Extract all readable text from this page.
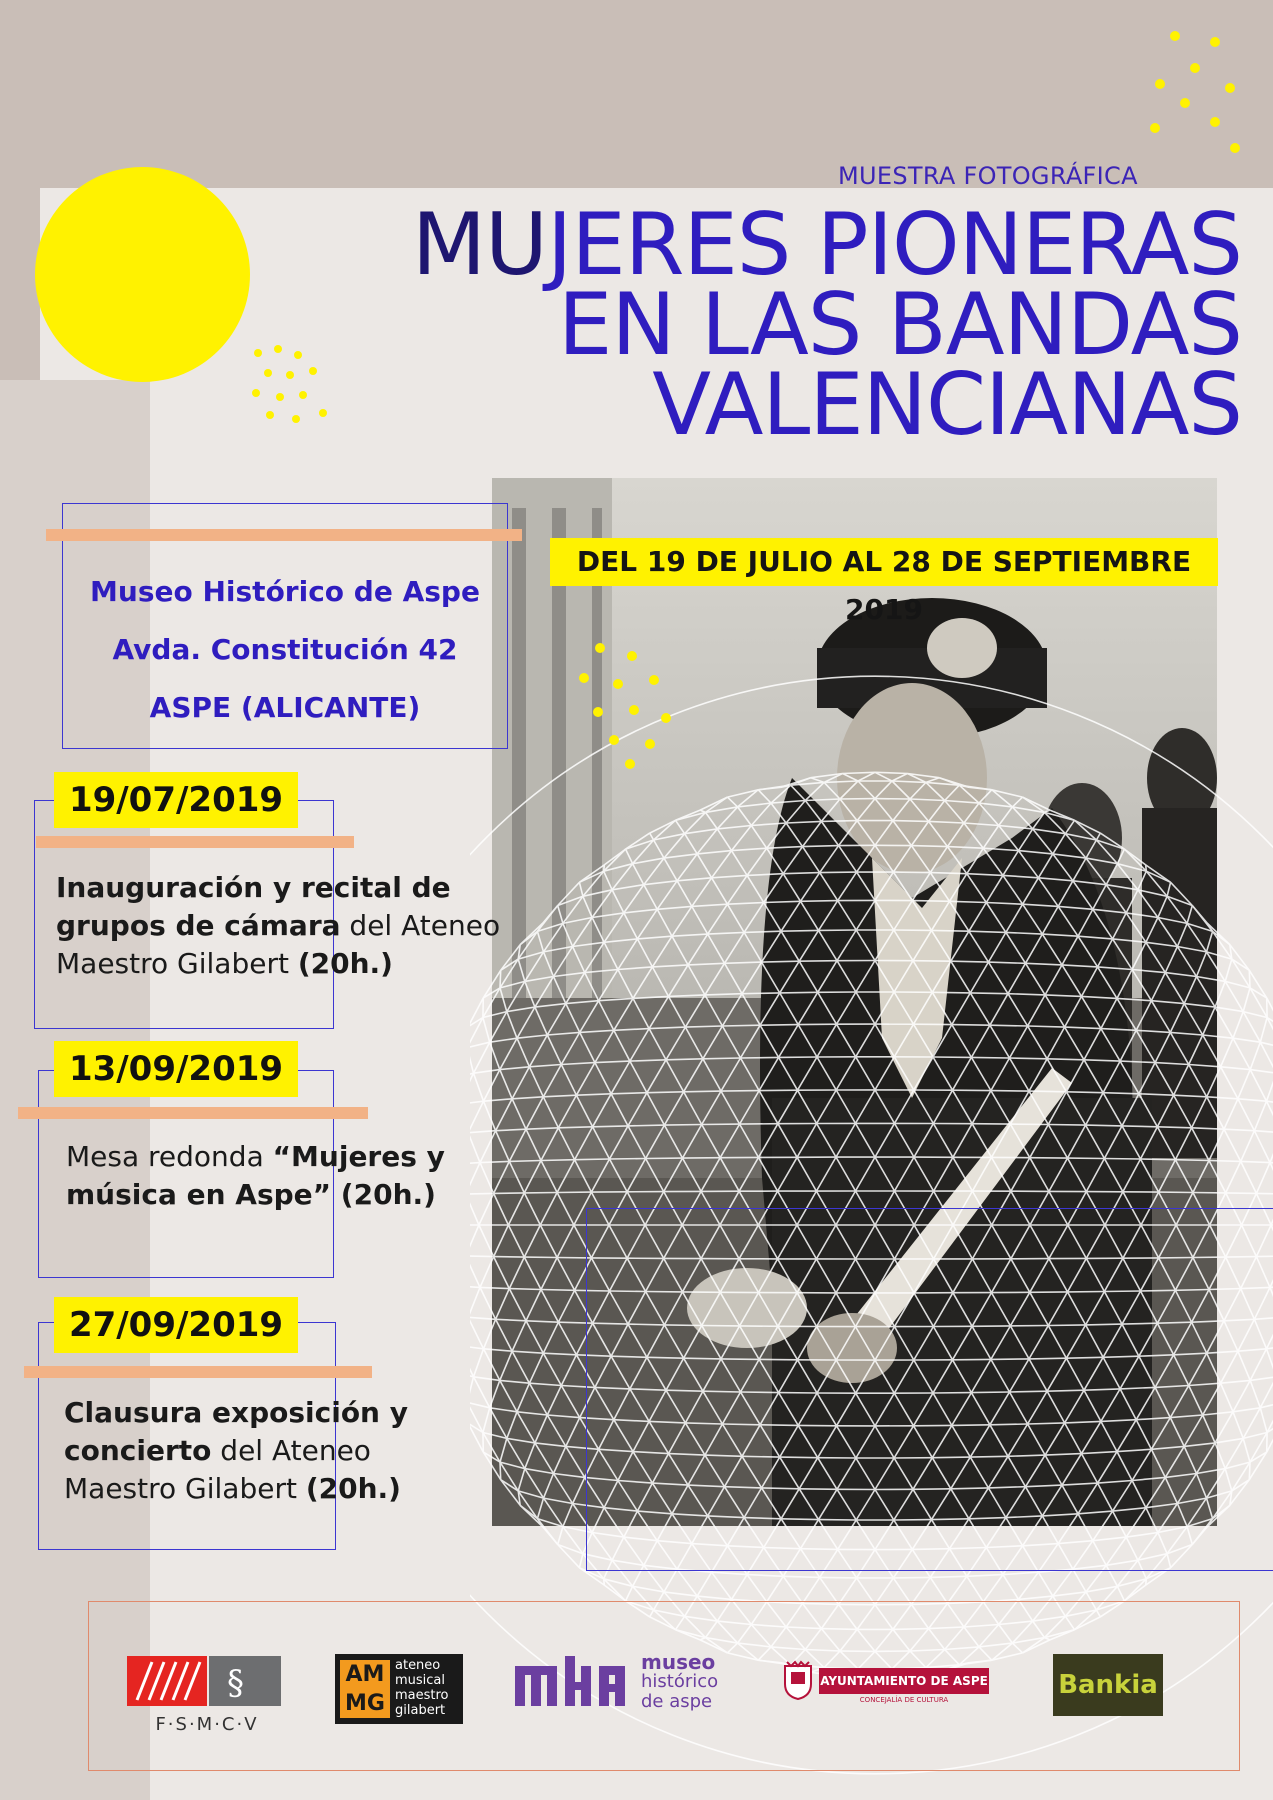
MUESTRA FOTOGRÁFICA
MUJERES PIONERAS
EN LAS BANDAS
VALENCIANAS
DEL 19 DE JULIO AL 28 DE SEPTIEMBRE 2019
Museo Histórico de Aspe
Avda. Constitución 42
ASPE (ALICANTE)
19/07/2019
Inauguración y recital de
grupos de cámara del Ateneo
Maestro Gilabert (20h.)
13/09/2019
Mesa redonda “Mujeres y
música en Aspe” (20h.)
27/09/2019
Clausura exposición y
concierto del Ateneo
Maestro Gilabert (20h.)
§
F·S·M·C·V
AM
MG
ateneo
musical
maestro
gilabert
museo
histórico
de aspe
AYUNTAMIENTO DE ASPE
CONCEJALÍA DE CULTURA	Bankia
